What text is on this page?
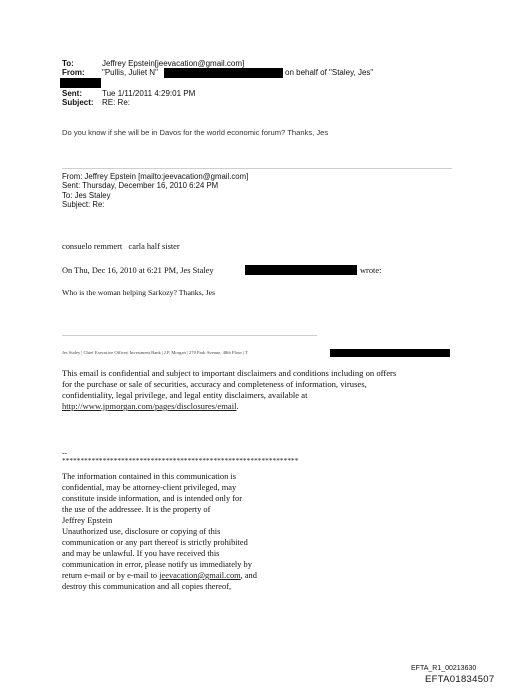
To:	Jeffrey Epstein[jeevacation@gmail.com]
From: "Pullis, Juliet N"	on behalf of "Staley, Jes"
Sent:	Tue 1/11/2011 4:29:01 PM
Subject: RE: Re:
Do you know if she will be in Davos for the world economic forum? Thanks, Jes
From: Jeffrey Epstein [mailto:jeevacation@gmail.com]
Sent: Thursday, December 16, 2010 6:24 PM
To: Jes Staley
Subject: Re:
consuelo remmert   carla half sister
On Thu, Dec 16, 2010 at 6:21 PM, Jes Staley	wrote:
Who is the woman helping Sarkozy? Thanks, Jes
Jes Staley | Chief Executive Officer| Investment Bank | J.P. Morgan | 270 Park Avenue, 48th Floor | T
This email is confidential and subject to important disclaimers and conditions including on offers
for the purchase or sale of securities, accuracy and completeness of information, viruses,
confidentiality, legal privilege, and legal entity disclaimers, available at
http://www.jpmorgan.com/pages/disclosures/email.
--
****************************************************************
The information contained in this communication is
confidential, may be attorney-client privileged, may
constitute inside information, and is intended only for
the use of the addressee. It is the property of
Jeffrey Epstein
Unauthorized use, disclosure or copying of this
communication or any part thereof is strictly prohibited
and may be unlawful. If you have received this
communication in error, please notify us immediately by
return e-mail or by e-mail to jeevacation@gmail.com, and
destroy this communication and all copies thereof,
EFTA_R1_00213630
EFTA01834507
